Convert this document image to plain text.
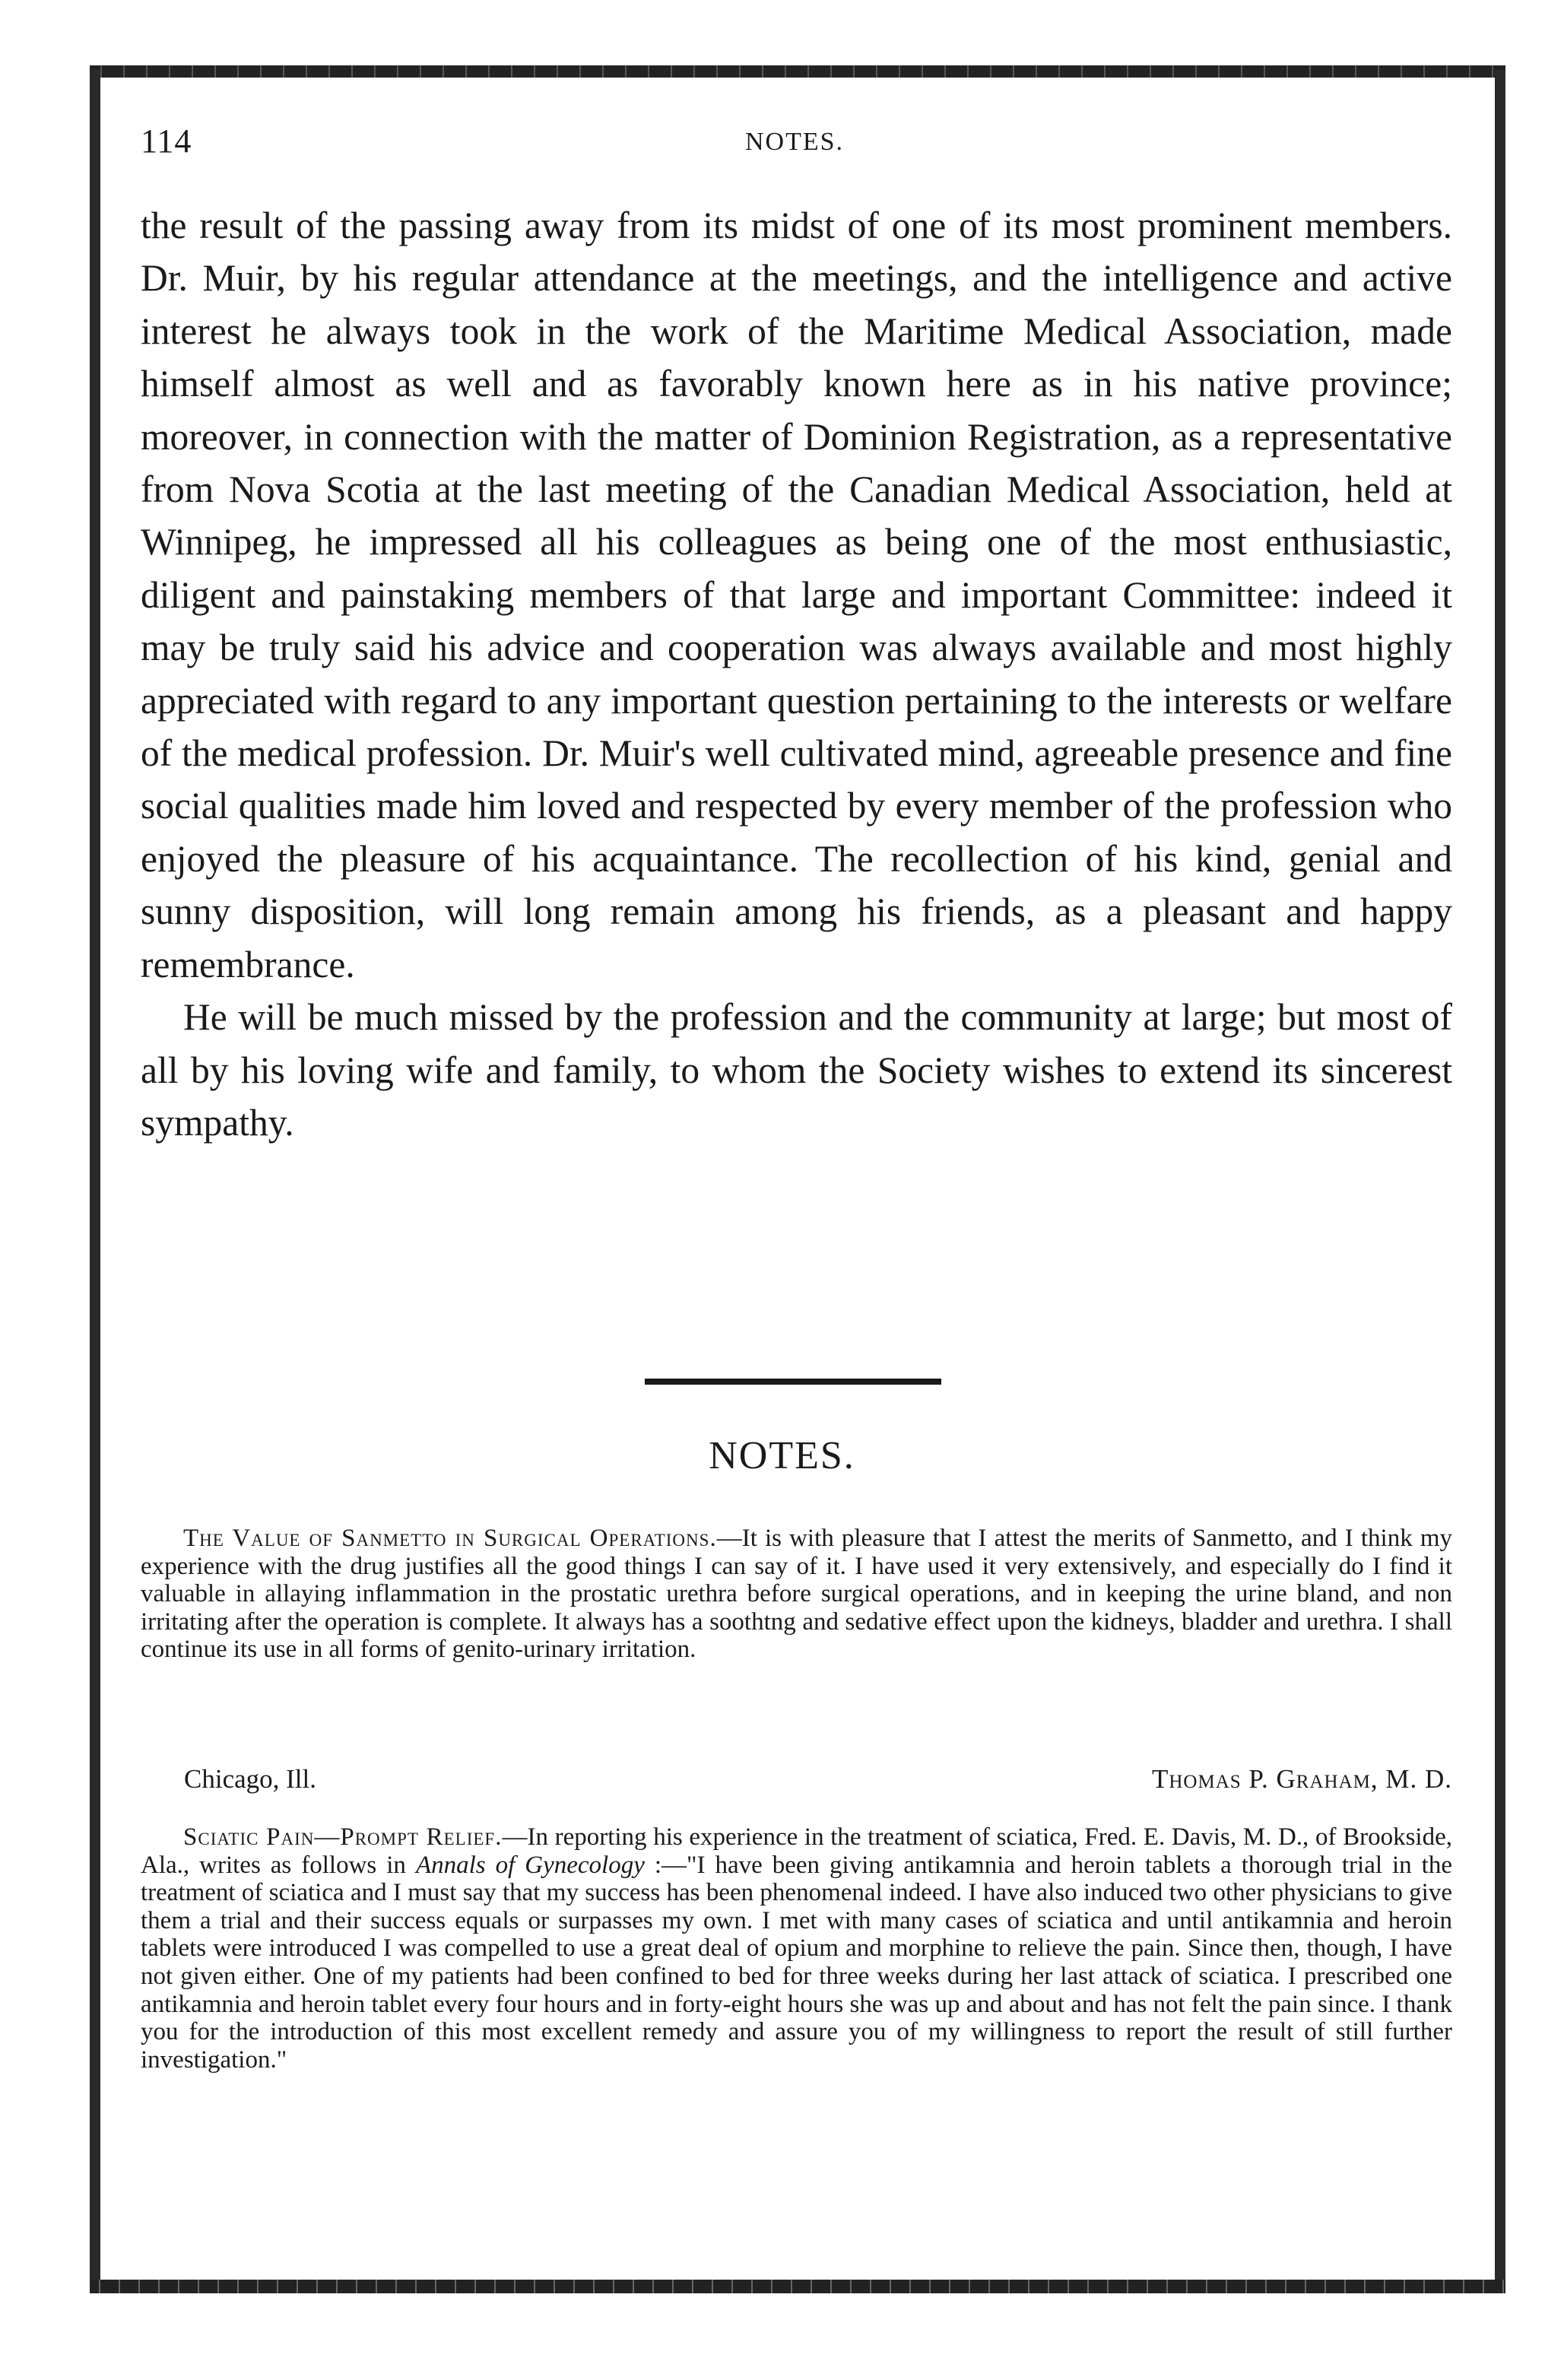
114	NOTES.

the result of the passing away from its midst of one of its most prominent members. Dr. Muir, by his regular attendance at the meetings, and the intelligence and active interest he always took in the work of the Maritime Medical Association, made himself almost as well and as favorably known here as in his native province; moreover, in connection with the matter of Dominion Registration, as a representative from Nova Scotia at the last meeting of the Canadian Medical Association, held at Winnipeg, he impressed all his colleagues as being one of the most enthusiastic, diligent and painstaking members of that large and important Committee: indeed it may be truly said his advice and cooperation was always available and most highly appreciated with regard to any important question pertaining to the interests or welfare of the medical profession. Dr. Muir's well cultivated mind, agreeable presence and fine social qualities made him loved and respected by every member of the profession who enjoyed the pleasure of his acquaintance. The recollection of his kind, genial and sunny disposition, will long remain among his friends, as a pleasant and happy remembrance.

He will be much missed by the profession and the community at large; but most of all by his loving wife and family, to whom the Society wishes to extend its sincerest sympathy.

NOTES.

The Value of Sanmetto in Surgical Operations.—It is with pleasure that I attest the merits of Sanmetto, and I think my experience with the drug justifies all the good things I can say of it. I have used it very extensively, and especially do I find it valuable in allaying inflammation in the prostatic urethra before surgical operations, and in keeping the urine bland, and non irritating after the operation is complete. It always has a soothtng and sedative effect upon the kidneys, bladder and urethra. I shall continue its use in all forms of genito-urinary irritation.

Chicago, Ill.	Thomas P. Graham, M. D.

Sciatic Pain—Prompt Relief.—In reporting his experience in the treatment of sciatica, Fred. E. Davis, M. D., of Brookside, Ala., writes as follows in Annals of Gynecology :—"I have been giving antikamnia and heroin tablets a thorough trial in the treatment of sciatica and I must say that my success has been phenomenal indeed. I have also induced two other physicians to give them a trial and their success equals or surpasses my own. I met with many cases of sciatica and until antikamnia and heroin tablets were introduced I was compelled to use a great deal of opium and morphine to relieve the pain. Since then, though, I have not given either. One of my patients had been confined to bed for three weeks during her last attack of sciatica. I prescribed one antikamnia and heroin tablet every four hours and in forty-eight hours she was up and about and has not felt the pain since. I thank you for the introduction of this most excellent remedy and assure you of my willingness to report the result of still further investigation."
